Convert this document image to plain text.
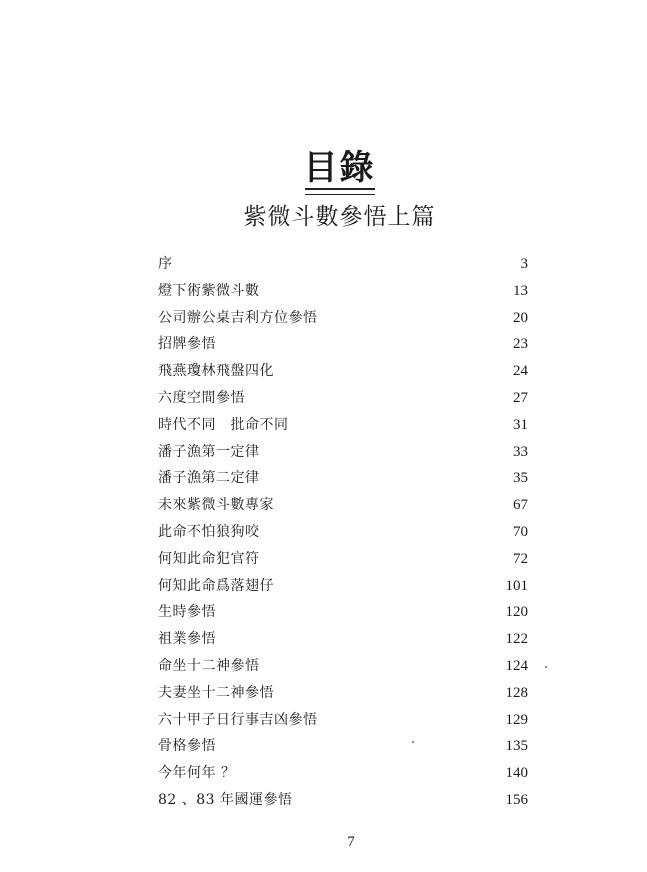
目錄
紫微斗數參悟上篇
序	3
燈下術紫微斗數	13
公司辦公桌吉利方位參悟	20
招牌參悟	23
飛燕瓊林飛盤四化	24
六度空間參悟	27
時代不同　批命不同	31
潘子漁第一定律	33
潘子漁第二定律	35
未來紫微斗數專家	67
此命不怕狼狗咬	70
何知此命犯官符	72
何知此命爲落翅仔	101
生時參悟	120
祖業參悟	122
命坐十二神參悟	124
夫妻坐十二神參悟	128
六十甲子日行事吉凶參悟	129
骨格參悟	135
今年何年 ？	140
82 、83 年國運參悟	156
7
